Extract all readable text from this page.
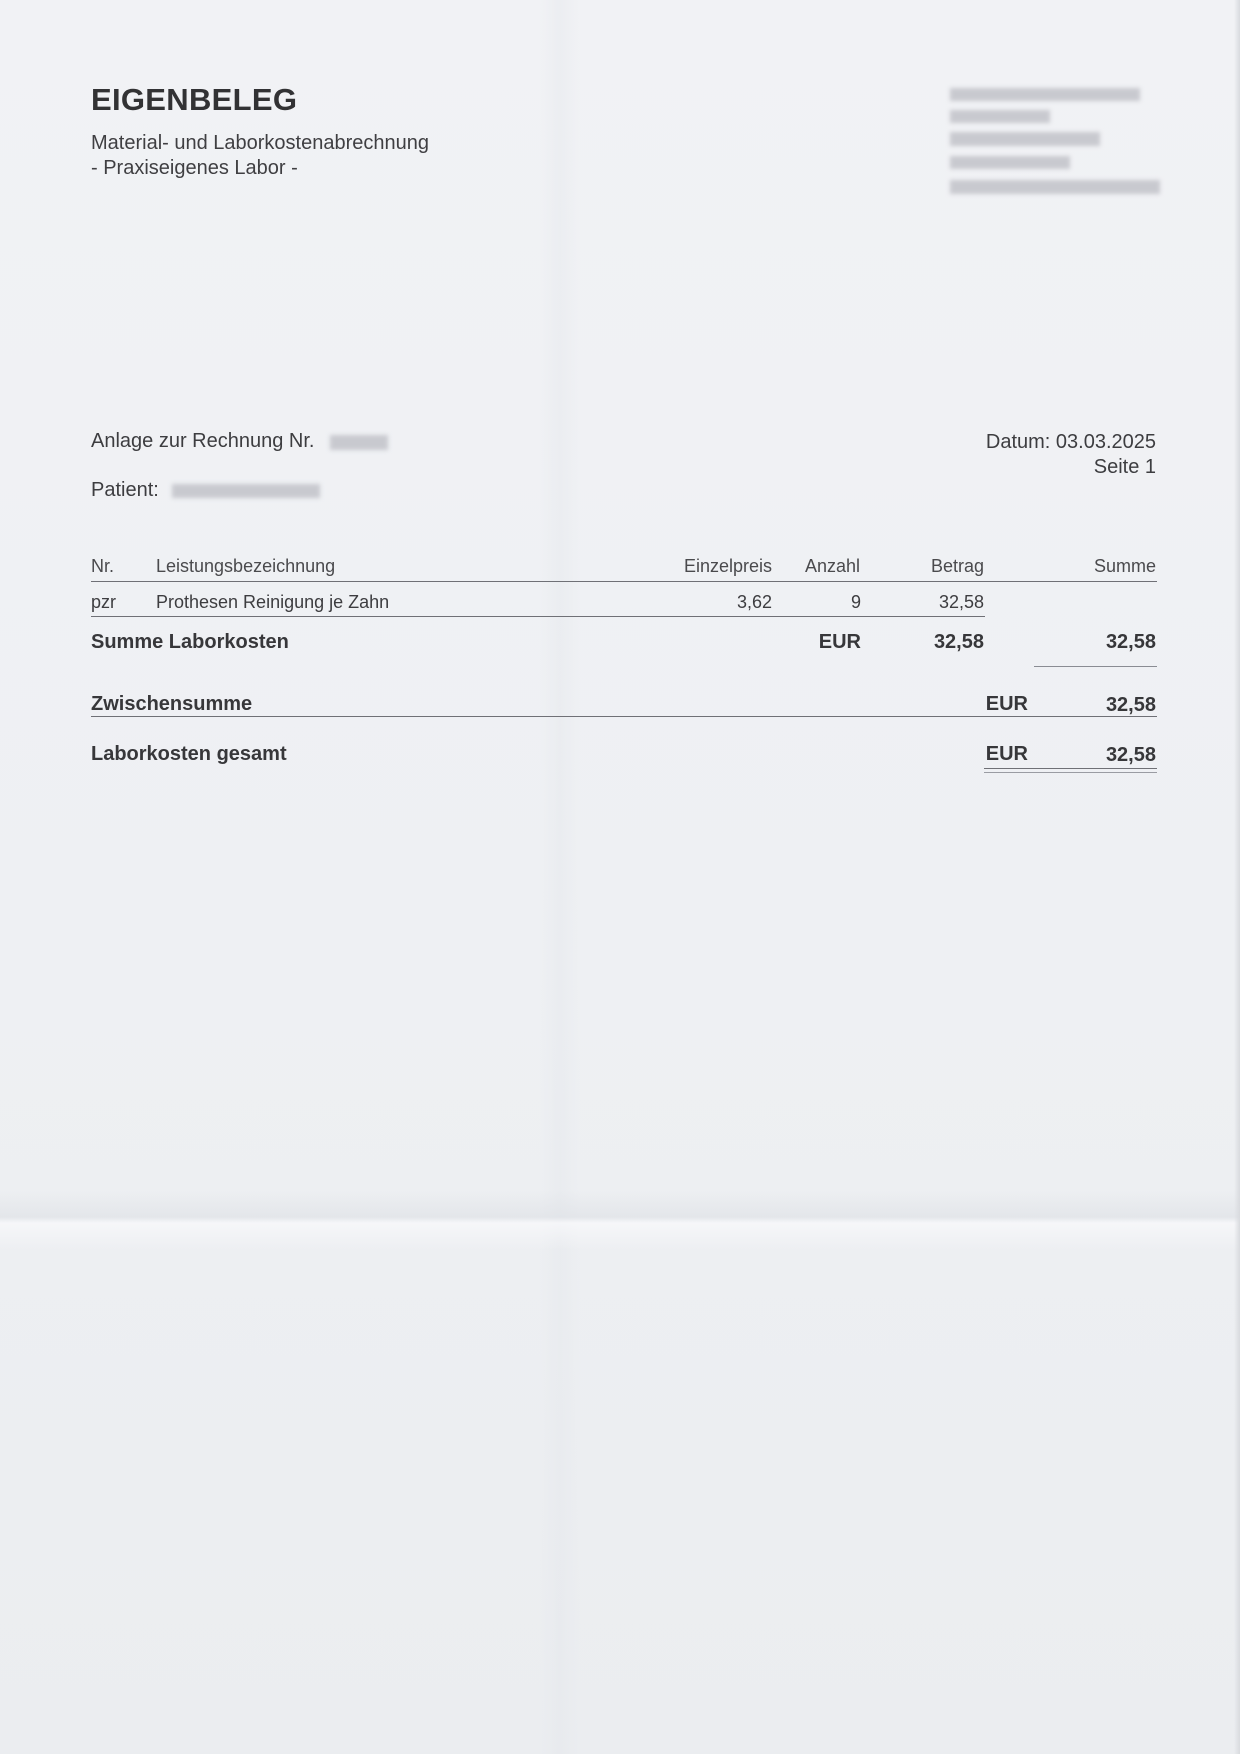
EIGENBELEG
Material- und Laborkostenabrechnung
- Praxiseigenes Labor -
Anlage zur Rechnung Nr.
Patient:
Datum: 03.03.2025
Seite 1
Nr. Leistungsbezeichnung	Einzelpreis	Anzahl	Betrag	Summe
pzr Prothesen Reinigung je Zahn	3,62	9	32,58
Summe Laborkosten	EUR	32,58	32,58
Zwischensumme	EUR	32,58
Laborkosten gesamt	EUR	32,58
